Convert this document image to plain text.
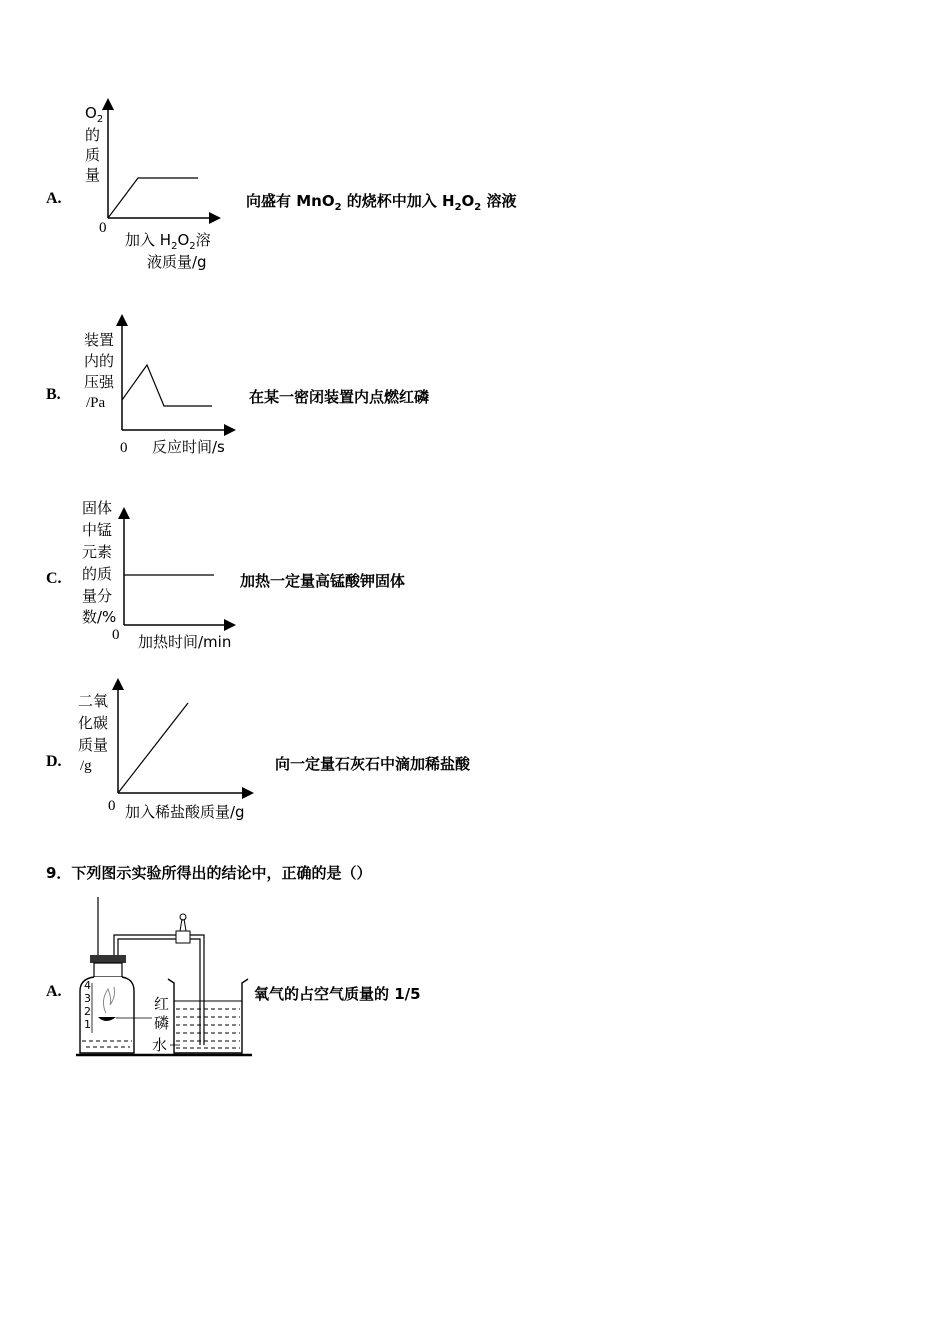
A.
$O_2$
的
质
量
0
加入 $H_2O_2$溶
液质量/g
向盛有 MnO$_2$ 的烧杯中加入 $H_2O_2$ 溶液
B.
装置
内的
压强
/Pa
0 反应时间/s
在某一密闭装置内点燃红磷
C.
固体
中锰
元素
的质
量分
数/%
0 加热时间/min
加热一定量高锰酸钾固体
D.
二氧
化碳
质量
/g
0 加入稀盐酸质量/g
向一定量石灰石中滴加稀盐酸
9．下列图示实验所得出的结论中，正确的是（）
A. 4
3
2
1
红
磷
水
氧气的占空气质量的 1/5
